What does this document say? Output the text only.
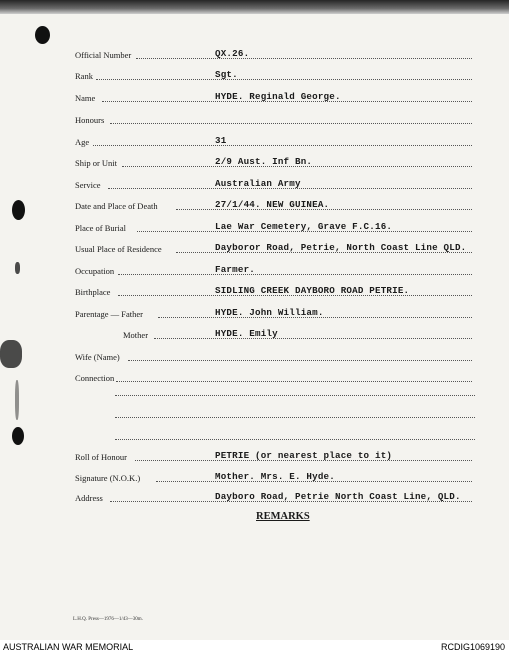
Official Number	QX.26.
Rank	Sgt.
Name	HYDE. Reginald George.
Honours
Age	31
Ship or Unit	2/9 Aust. Inf Bn.
Service	Australian Army
Date and Place of Death	27/1/44. NEW GUINEA.
Place of Burial	Lae War Cemetery, Grave F.C.16.
Usual Place of Residence	Dayboror Road, Petrie, North Coast Line QLD.
Occupation	Farmer.
Birthplace	SIDLING CREEK DAYBORO ROAD PETRIE.
Parentage — Father	HYDE. John William.
Mother	HYDE. Emily
Wife (Name)
Connection
Roll of Honour	PETRIE (or nearest place to it)
Signature (N.O.K.)	Mother. Mrs. E. Hyde.
Address	Dayboro Road, Petrie North Coast Line, QLD.
REMARKS
L.H.Q. Press—1976—1/43—30m.
AUSTRALIAN WAR MEMORIAL	RCDIG1069190
